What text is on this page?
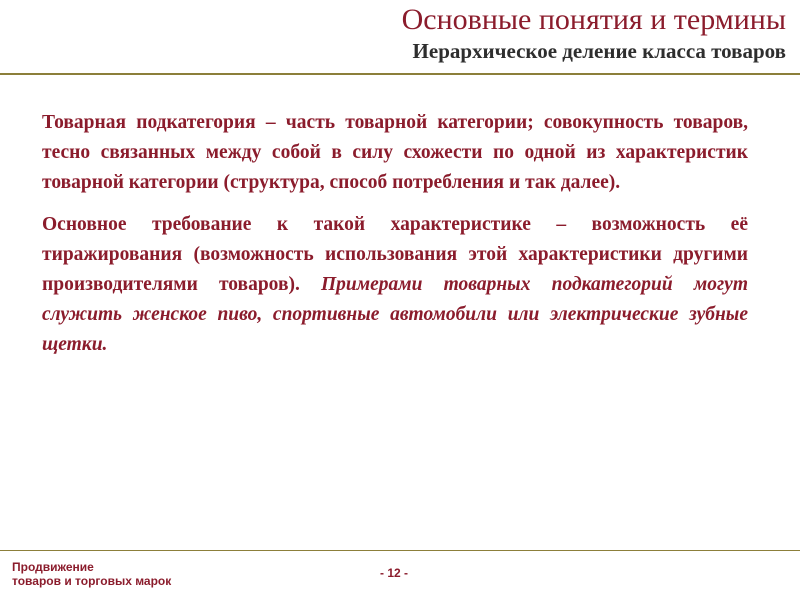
Основные понятия и термины
Иерархическое деление класса товаров

Товарная подкатегория – часть товарной категории; совокупность товаров, тесно связанных между собой в силу схожести по одной из характеристик товарной категории (структура, способ потребления и так далее).

Основное требование к такой характеристике – возможность её тиражирования (возможность использования этой характеристики другими производителями товаров). Примерами товарных подкатегорий могут служить женское пиво, спортивные автомобили или электрические зубные щетки.

Продвижение
товаров и торговых марок
- 12 -
